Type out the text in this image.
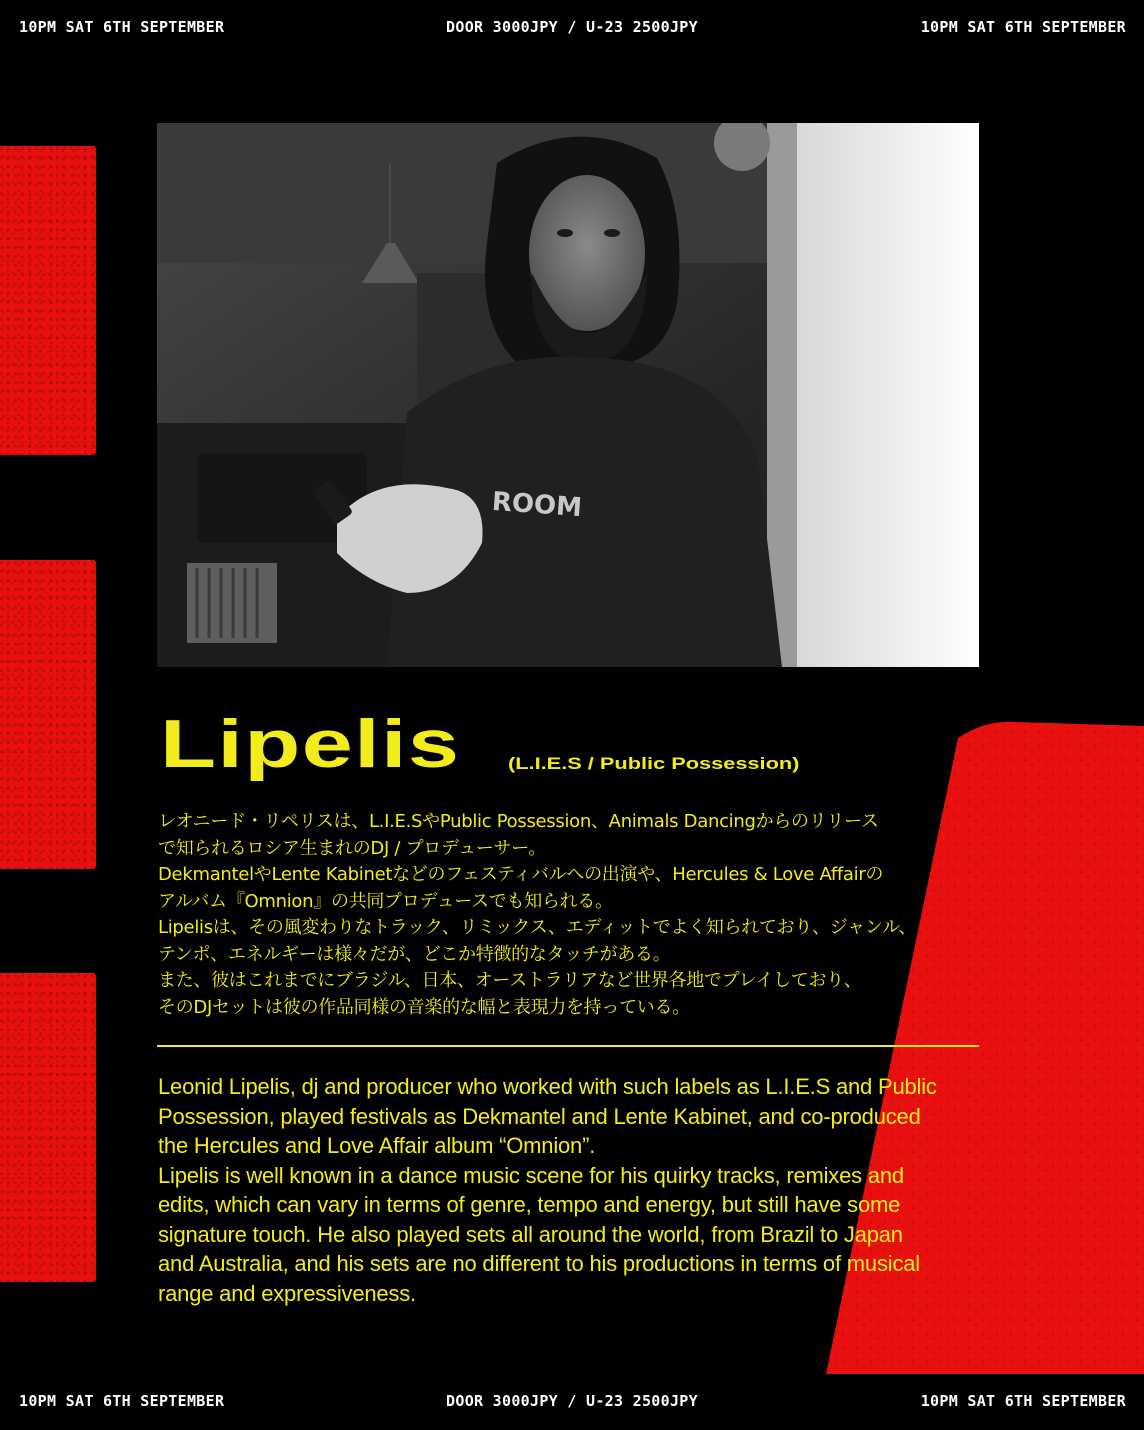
DOOR 3000JPY / U-23 2500JPY
10PM SAT 6TH SEPTEMBER	10PM SAT 6TH SEPTEMBER
ROOM
Lipelis	(L.I.E.S / Public Possession)
レオニード・リペリスは、L.I.E.SやPublic Possession、Animals Dancingからのリリース
で知られるロシア生まれのDJ / プロデューサー。
DekmantelやLente Kabinetなどのフェスティバルへの出演や、Hercules & Love Affairの
アルバム『Omnion』の共同プロデュースでも知られる。
Lipelisは、その風変わりなトラック、リミックス、エディットでよく知られており、ジャンル、
テンポ、エネルギーは様々だが、どこか特徴的なタッチがある。
また、彼はこれまでにブラジル、日本、オーストラリアなど世界各地でプレイしており、
そのDJセットは彼の作品同様の音楽的な幅と表現力を持っている。
Leonid Lipelis, dj and producer who worked with such labels as L.I.E.S and Public
Possession, played festivals as Dekmantel and Lente Kabinet, and co-produced
the Hercules and Love Affair album “Omnion”.
Lipelis is well known in a dance music scene for his quirky tracks, remixes and
edits, which can vary in terms of genre, tempo and energy, but still have some
signature touch. He also played sets all around the world, from Brazil to Japan
and Australia, and his sets are no different to his productions in terms of musical
range and expressiveness.
DOOR 3000JPY / U-23 2500JPY
10PM SAT 6TH SEPTEMBER	10PM SAT 6TH SEPTEMBER
